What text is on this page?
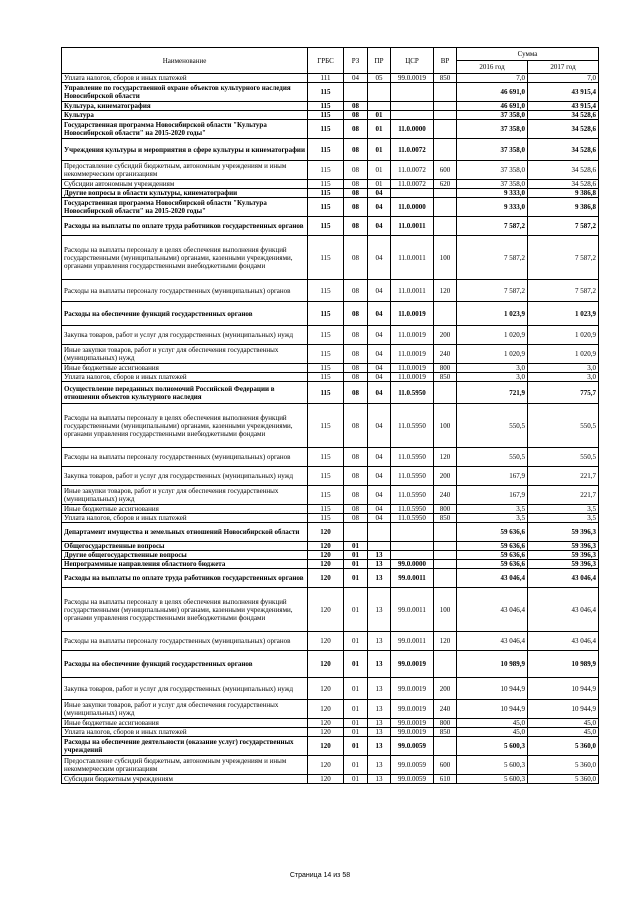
Наименование	ГРБС	РЗ	ПР	ЦСР	ВР	Сумма	
						2016 год	2017 год
Уплата налогов, сборов и иных платежей	111	04	05	99.0.0019	850	7,0	7,0
Управление по государственной охране объектов культурного наследия Новосибирской области	115					46 691,0	43 915,4
Культура, кинематография	115	08				46 691,0	43 915,4
Культура	115	08	01			37 358,0	34 528,6
Государственная программа Новосибирской области "Культура Новосибирской области" на 2015-2020 годы"	115	08	01	11.0.0000		37 358,0	34 528,6
Учреждения культуры и мероприятия в сфере культуры и кинематографии	115	08	01	11.0.0072		37 358,0	34 528,6
Предоставление субсидий бюджетным, автономным учреждениям и иным некоммерческим организациям	115	08	01	11.0.0072	600	37 358,0	34 528,6
Субсидии автономным учреждениям	115	08	01	11.0.0072	620	37 358,0	34 528,6
Другие вопросы в области культуры, кинематографии	115	08	04			9 333,0	9 386,8
Государственная программа Новосибирской области "Культура Новосибирской области" на 2015-2020 годы"	115	08	04	11.0.0000		9 333,0	9 386,8
Расходы на выплаты по оплате труда работников государственных органов	115	08	04	11.0.0011		7 587,2	7 587,2
Расходы на выплаты персоналу в целях обеспечения выполнения функций государственными (муниципальными) органами, казенными учреждениями, органами управления государственными внебюджетными фондами	115	08	04	11.0.0011	100	7 587,2	7 587,2
Расходы на выплаты персоналу государственных (муниципальных) органов	115	08	04	11.0.0011	120	7 587,2	7 587,2
Расходы на обеспечение функций государственных органов	115	08	04	11.0.0019		1 023,9	1 023,9
Закупка товаров, работ и услуг для государственных (муниципальных) нужд	115	08	04	11.0.0019	200	1 020,9	1 020,9
Иные закупки товаров, работ и услуг для обеспечения государственных (муниципальных) нужд	115	08	04	11.0.0019	240	1 020,9	1 020,9
Иные бюджетные ассигнования	115	08	04	11.0.0019	800	3,0	3,0
Уплата налогов, сборов и иных платежей	115	08	04	11.0.0019	850	3,0	3,0
Осуществление переданных полномочий Российской Федерации в отношении объектов культурного наследия	115	08	04	11.0.5950		721,9	775,7
Расходы на выплаты персоналу в целях обеспечения выполнения функций государственными (муниципальными) органами, казенными учреждениями, органами управления государственными внебюджетными фондами	115	08	04	11.0.5950	100	550,5	550,5
Расходы на выплаты персоналу государственных (муниципальных) органов	115	08	04	11.0.5950	120	550,5	550,5
Закупка товаров, работ и услуг для государственных (муниципальных) нужд	115	08	04	11.0.5950	200	167,9	221,7
Иные закупки товаров, работ и услуг для обеспечения государственных (муниципальных) нужд	115	08	04	11.0.5950	240	167,9	221,7
Иные бюджетные ассигнования	115	08	04	11.0.5950	800	3,5	3,5
Уплата налогов, сборов и иных платежей	115	08	04	11.0.5950	850	3,5	3,5
Департамент имущества и земельных отношений Новосибирской области	120					59 636,6	59 396,3
Общегосударственные вопросы	120	01				59 636,6	59 396,3
Другие общегосударственные вопросы	120	01	13			59 636,6	59 396,3
Непрограммные направления областного бюджета	120	01	13	99.0.0000		59 636,6	59 396,3
Расходы на выплаты по оплате труда работников государственных органов	120	01	13	99.0.0011		43 046,4	43 046,4
Расходы на выплаты персоналу в целях обеспечения выполнения функций государственными (муниципальными) органами, казенными учреждениями, органами управления государственными внебюджетными фондами	120	01	13	99.0.0011	100	43 046,4	43 046,4
Расходы на выплаты персоналу государственных (муниципальных) органов	120	01	13	99.0.0011	120	43 046,4	43 046,4
Расходы на обеспечение функций государственных органов	120	01	13	99.0.0019		10 989,9	10 989,9
Закупка товаров, работ и услуг для государственных (муниципальных) нужд	120	01	13	99.0.0019	200	10 944,9	10 944,9
Иные закупки товаров, работ и услуг для обеспечения государственных (муниципальных) нужд	120	01	13	99.0.0019	240	10 944,9	10 944,9
Иные бюджетные ассигнования	120	01	13	99.0.0019	800	45,0	45,0
Уплата налогов, сборов и иных платежей	120	01	13	99.0.0019	850	45,0	45,0
Расходы на обеспечение деятельности (оказание услуг) государственных учреждений	120	01	13	99.0.0059		5 600,3	5 360,0
Предоставление субсидий бюджетным, автономным учреждениям и иным некоммерческим организациям	120	01	13	99.0.0059	600	5 600,3	5 360,0
Субсидии бюджетным учреждениям	120	01	13	99.0.0059	610	5 600,3	5 360,0
Страница 14 из 58
